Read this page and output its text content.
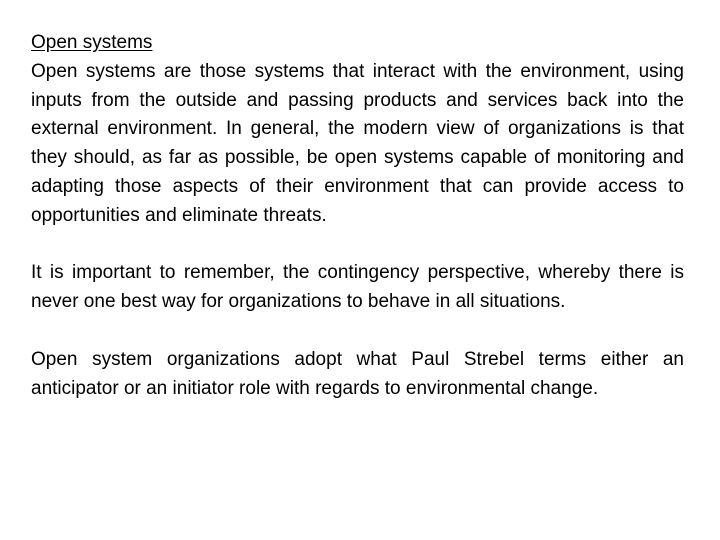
Open systems

Open systems are those systems that interact with the environment, using inputs from the outside and passing products and services back into the external environment. In general, the modern view of organizations is that they should, as far as possible, be open systems capable of monitoring and adapting those aspects of their environment that can provide access to opportunities and eliminate threats.

It is important to remember, the contingency perspective, whereby there is never one best way for organizations to behave in all situations.

Open system organizations adopt what Paul Strebel terms either an anticipator or an initiator role with regards to environmental change.
